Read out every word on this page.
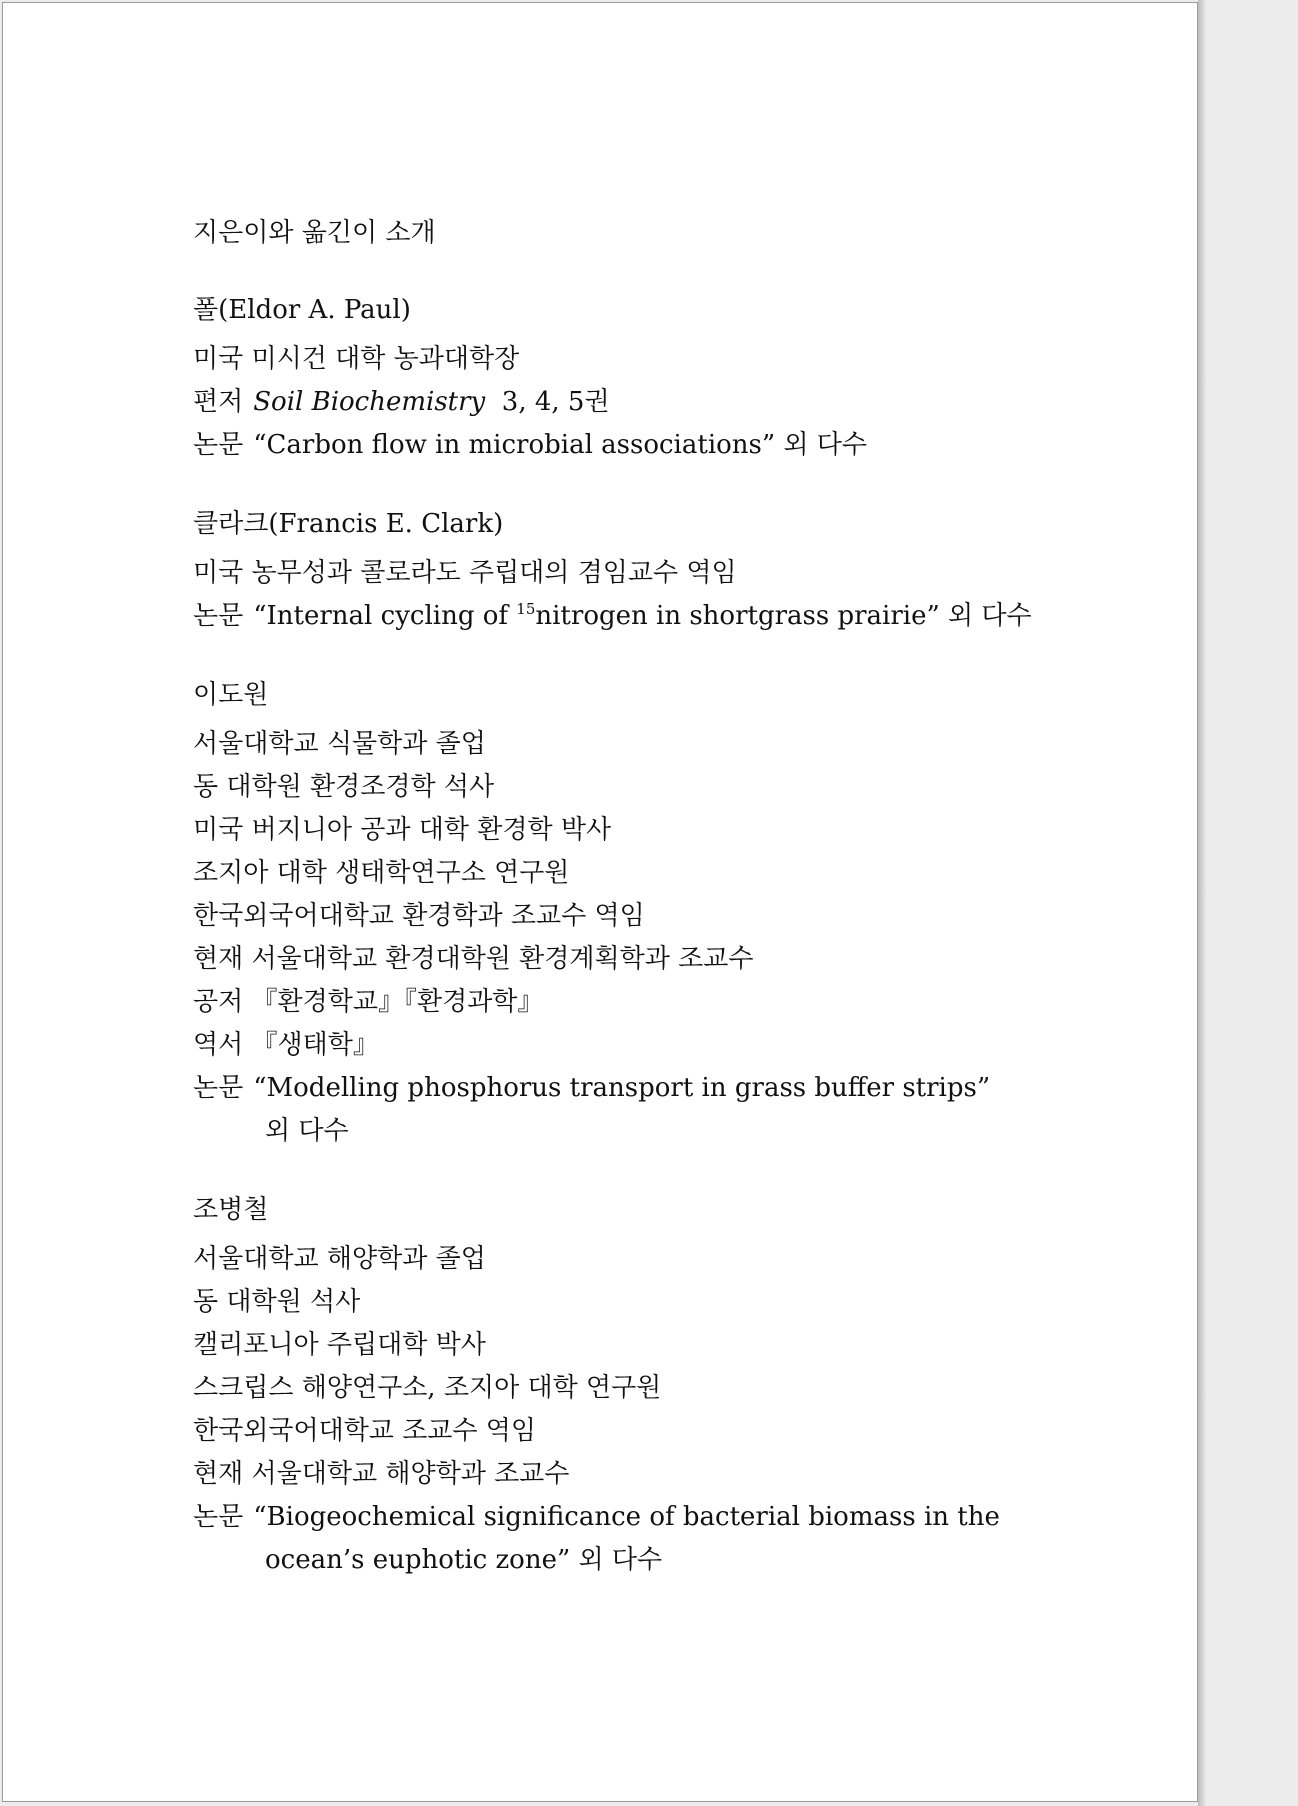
지은이와 옮긴이 소개
폴(Eldor A. Paul)
미국 미시건 대학 농과대학장
편저 Soil Biochemistry 3, 4, 5권
논문 “Carbon flow in microbial associations” 외 다수
클라크(Francis E. Clark)
미국 농무성과 콜로라도 주립대의 겸임교수 역임
논문 “Internal cycling of $^{15}$nitrogen in shortgrass prairie” 외 다수
이도원
서울대학교 식물학과 졸업
동 대학원 환경조경학 석사
미국 버지니아 공과 대학 환경학 박사
조지아 대학 생태학연구소 연구원
한국외국어대학교 환경학과 조교수 역임
현재 서울대학교 환경대학원 환경계획학과 조교수
공저 『환경학교』『환경과학』
역서 『생태학』
논문 “Modelling phosphorus transport in grass buffer strips”
외 다수
조병철
서울대학교 해양학과 졸업
동 대학원 석사
캘리포니아 주립대학 박사
스크립스 해양연구소, 조지아 대학 연구원
한국외국어대학교 조교수 역임
현재 서울대학교 해양학과 조교수
논문 “Biogeochemical significance of bacterial biomass in the
ocean’s euphotic zone” 외 다수
